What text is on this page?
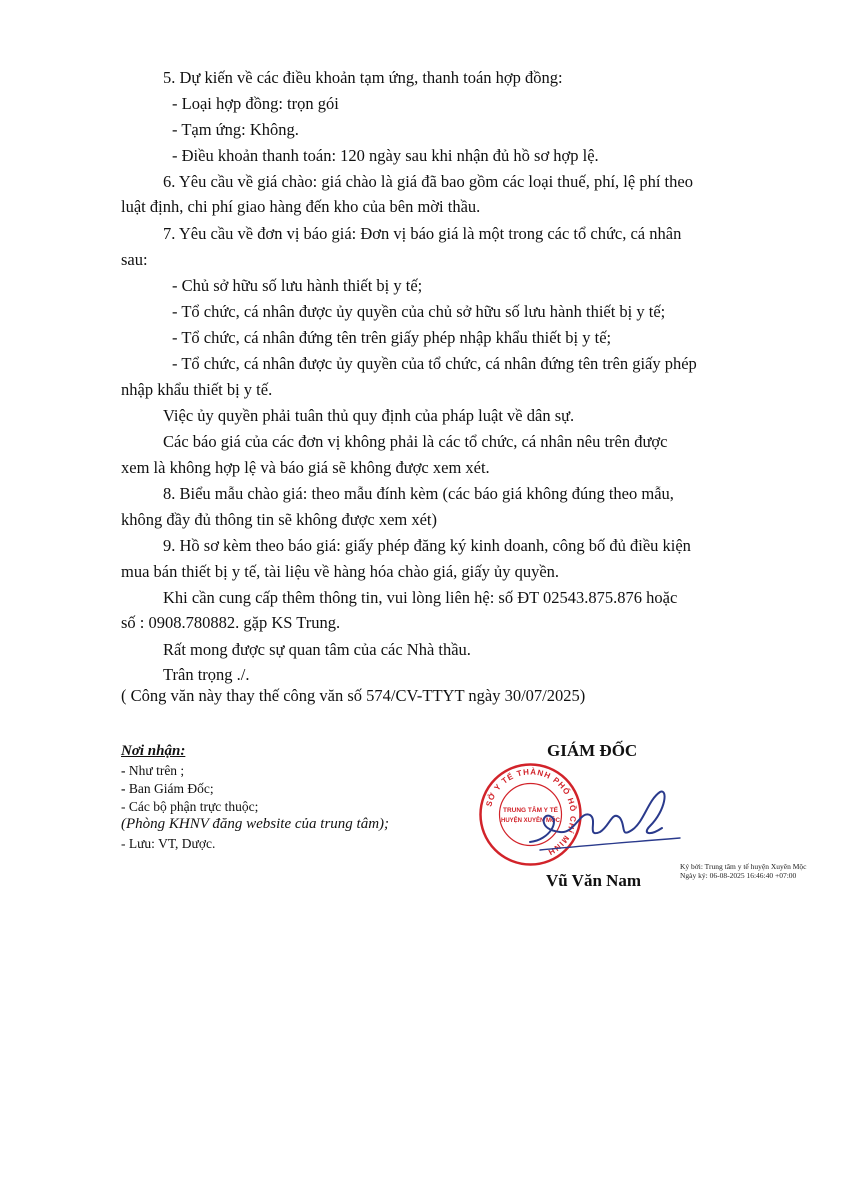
5. Dự kiến về các điều khoản tạm ứng, thanh toán hợp đồng:
- Loại hợp đồng: trọn gói
- Tạm ứng: Không.
- Điều khoản thanh toán: 120 ngày sau khi nhận đủ hồ sơ hợp lệ.
6. Yêu cầu về giá chào: giá chào là giá đã bao gồm các loại thuế, phí, lệ phí theo
luật định, chi phí giao hàng đến kho của bên mời thầu.
7. Yêu cầu về đơn vị báo giá: Đơn vị báo giá là một trong các tổ chức, cá nhân
sau:
- Chủ sở hữu số lưu hành thiết bị y tế;
- Tổ chức, cá nhân được ủy quyền của chủ sở hữu số lưu hành thiết bị y tế;
- Tổ chức, cá nhân đứng tên trên giấy phép nhập khẩu thiết bị y tế;
- Tổ chức, cá nhân được ủy quyền của tổ chức, cá nhân đứng tên trên giấy phép
nhập khẩu thiết bị y tế.
Việc ủy quyền phải tuân thủ quy định của pháp luật về dân sự.
Các báo giá của các đơn vị không phải là các tổ chức, cá nhân nêu trên được
xem là không hợp lệ và báo giá sẽ không được xem xét.
8. Biểu mẫu chào giá: theo mẫu đính kèm (các báo giá không đúng theo mẫu,
không đầy đủ thông tin sẽ không được xem xét)
9. Hồ sơ kèm theo báo giá: giấy phép đăng ký kinh doanh, công bố đủ điều kiện
mua bán thiết bị y tế, tài liệu về hàng hóa chào giá, giấy ủy quyền.
Khi cần cung cấp thêm thông tin, vui lòng liên hệ: số ĐT 02543.875.876 hoặc
số : 0908.780882. gặp KS Trung.
Rất mong được sự quan tâm của các Nhà thầu.
Trân trọng ./.
( Công văn này thay thế công văn số 574/CV-TTYT ngày 30/07/2025)
Nơi nhận:
- Như trên ;
- Ban Giám Đốc;
- Các bộ phận trực thuộc;
(Phòng KHNV đăng website của trung tâm);
- Lưu: VT, Dược.
GIÁM ĐỐC
SỞ Y TẾ THÀNH PHỐ HỒ CHÍ MINH
TRUNG TÂM Y TẾ
HUYỆN XUYÊN MỘC
Ký bởi: Trung tâm y tế huyện Xuyên Mộc
Ngày ký: 06-08-2025 16:46:40 +07:00
Vũ Văn Nam
